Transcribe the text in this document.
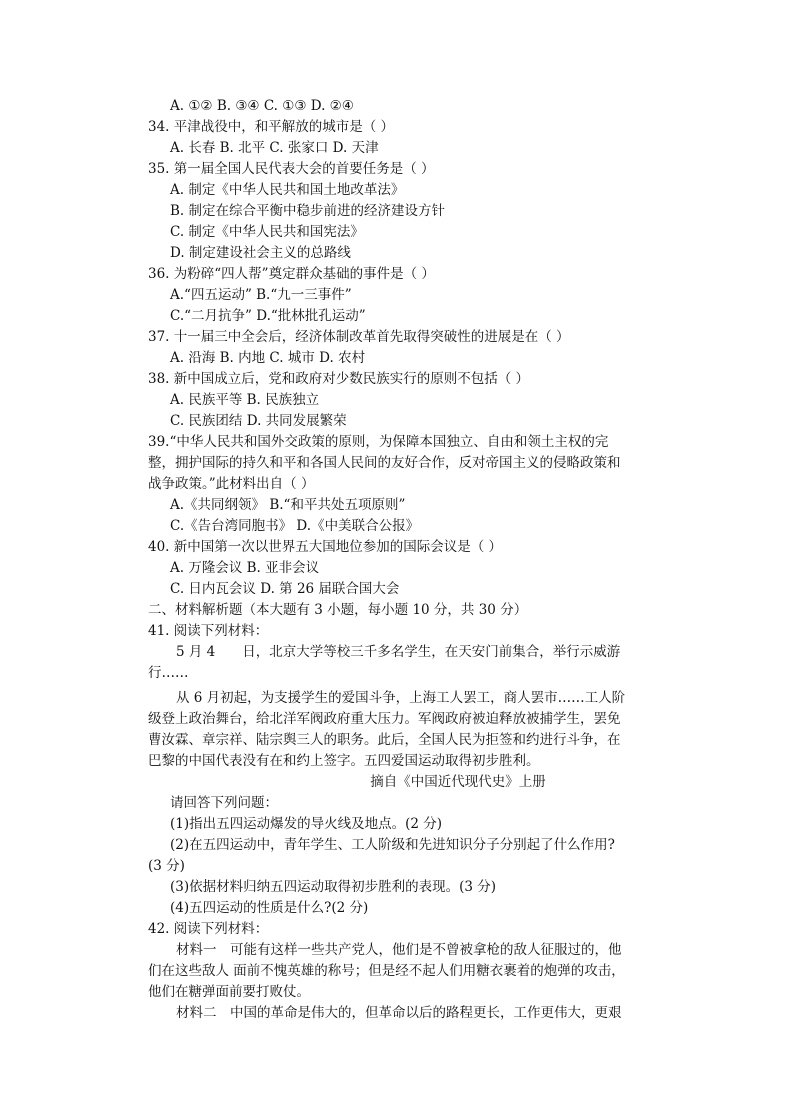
A. ①② B. ③④ C. ①③ D. ②④
34. 平津战役中，和平解放的城市是（ ）
A. 长春 B. 北平 C. 张家口 D. 天津
35. 第一届全国人民代表大会的首要任务是（ ）
A. 制定《中华人民共和国土地改革法》
B. 制定在综合平衡中稳步前进的经济建设方针
C. 制定《中华人民共和国宪法》
D. 制定建设社会主义的总路线
36. 为粉碎“四人帮”奠定群众基础的事件是（ ）
A.“四五运动” B.“九一三事件”
C.“二月抗争” D.“批林批孔运动”
37. 十一届三中全会后，经济体制改革首先取得突破性的进展是在（ ）
A. 沿海 B. 内地 C. 城市 D. 农村
38. 新中国成立后，党和政府对少数民族实行的原则不包括（ ）
A. 民族平等 B. 民族独立
C. 民族团结 D. 共同发展繁荣
39.“中华人民共和国外交政策的原则，为保障本国独立、自由和领土主权的完
整，拥护国际的持久和平和各国人民间的友好合作，反对帝国主义的侵略政策和
战争政策。”此材料出自（ ）
A.《共同纲领》 B.“和平共处五项原则”
C.《告台湾同胞书》 D.《中美联合公报》
40. 新中国第一次以世界五大国地位参加的国际会议是（ ）
A. 万隆会议 B. 亚非会议
C. 日内瓦会议 D. 第 26 届联合国大会
二、材料解析题（本大题有 3 小题，每小题 10 分，共 30 分）
41. 阅读下列材料：
5 月 4　　日，北京大学等校三千多名学生，在天安门前集合，举行示威游
行……
从 6 月初起，为支援学生的爱国斗争，上海工人罢工，商人罢市……工人阶
级登上政治舞台，给北洋军阀政府重大压力。军阀政府被迫释放被捕学生，罢免
曹汝霖、章宗祥、陆宗舆三人的职务。此后，全国人民为拒签和约进行斗争，在
巴黎的中国代表没有在和约上签字。五四爱国运动取得初步胜利。
摘自《中国近代现代史》上册
请回答下列问题：
(1)指出五四运动爆发的导火线及地点。(2 分)
(2)在五四运动中，青年学生、工人阶级和先进知识分子分别起了什么作用?
(3 分)
(3)依据材料归纳五四运动取得初步胜利的表现。(3 分)
(4)五四运动的性质是什么?(2 分)
42. 阅读下列材料：
材料一　可能有这样一些共产党人，他们是不曾被拿枪的敌人征服过的，他
们在这些敌人 面前不愧英雄的称号；但是经不起人们用糖衣裹着的炮弹的攻击，
他们在糖弹面前要打败仗。
材料二　中国的革命是伟大的，但革命以后的路程更长，工作更伟大，更艰
